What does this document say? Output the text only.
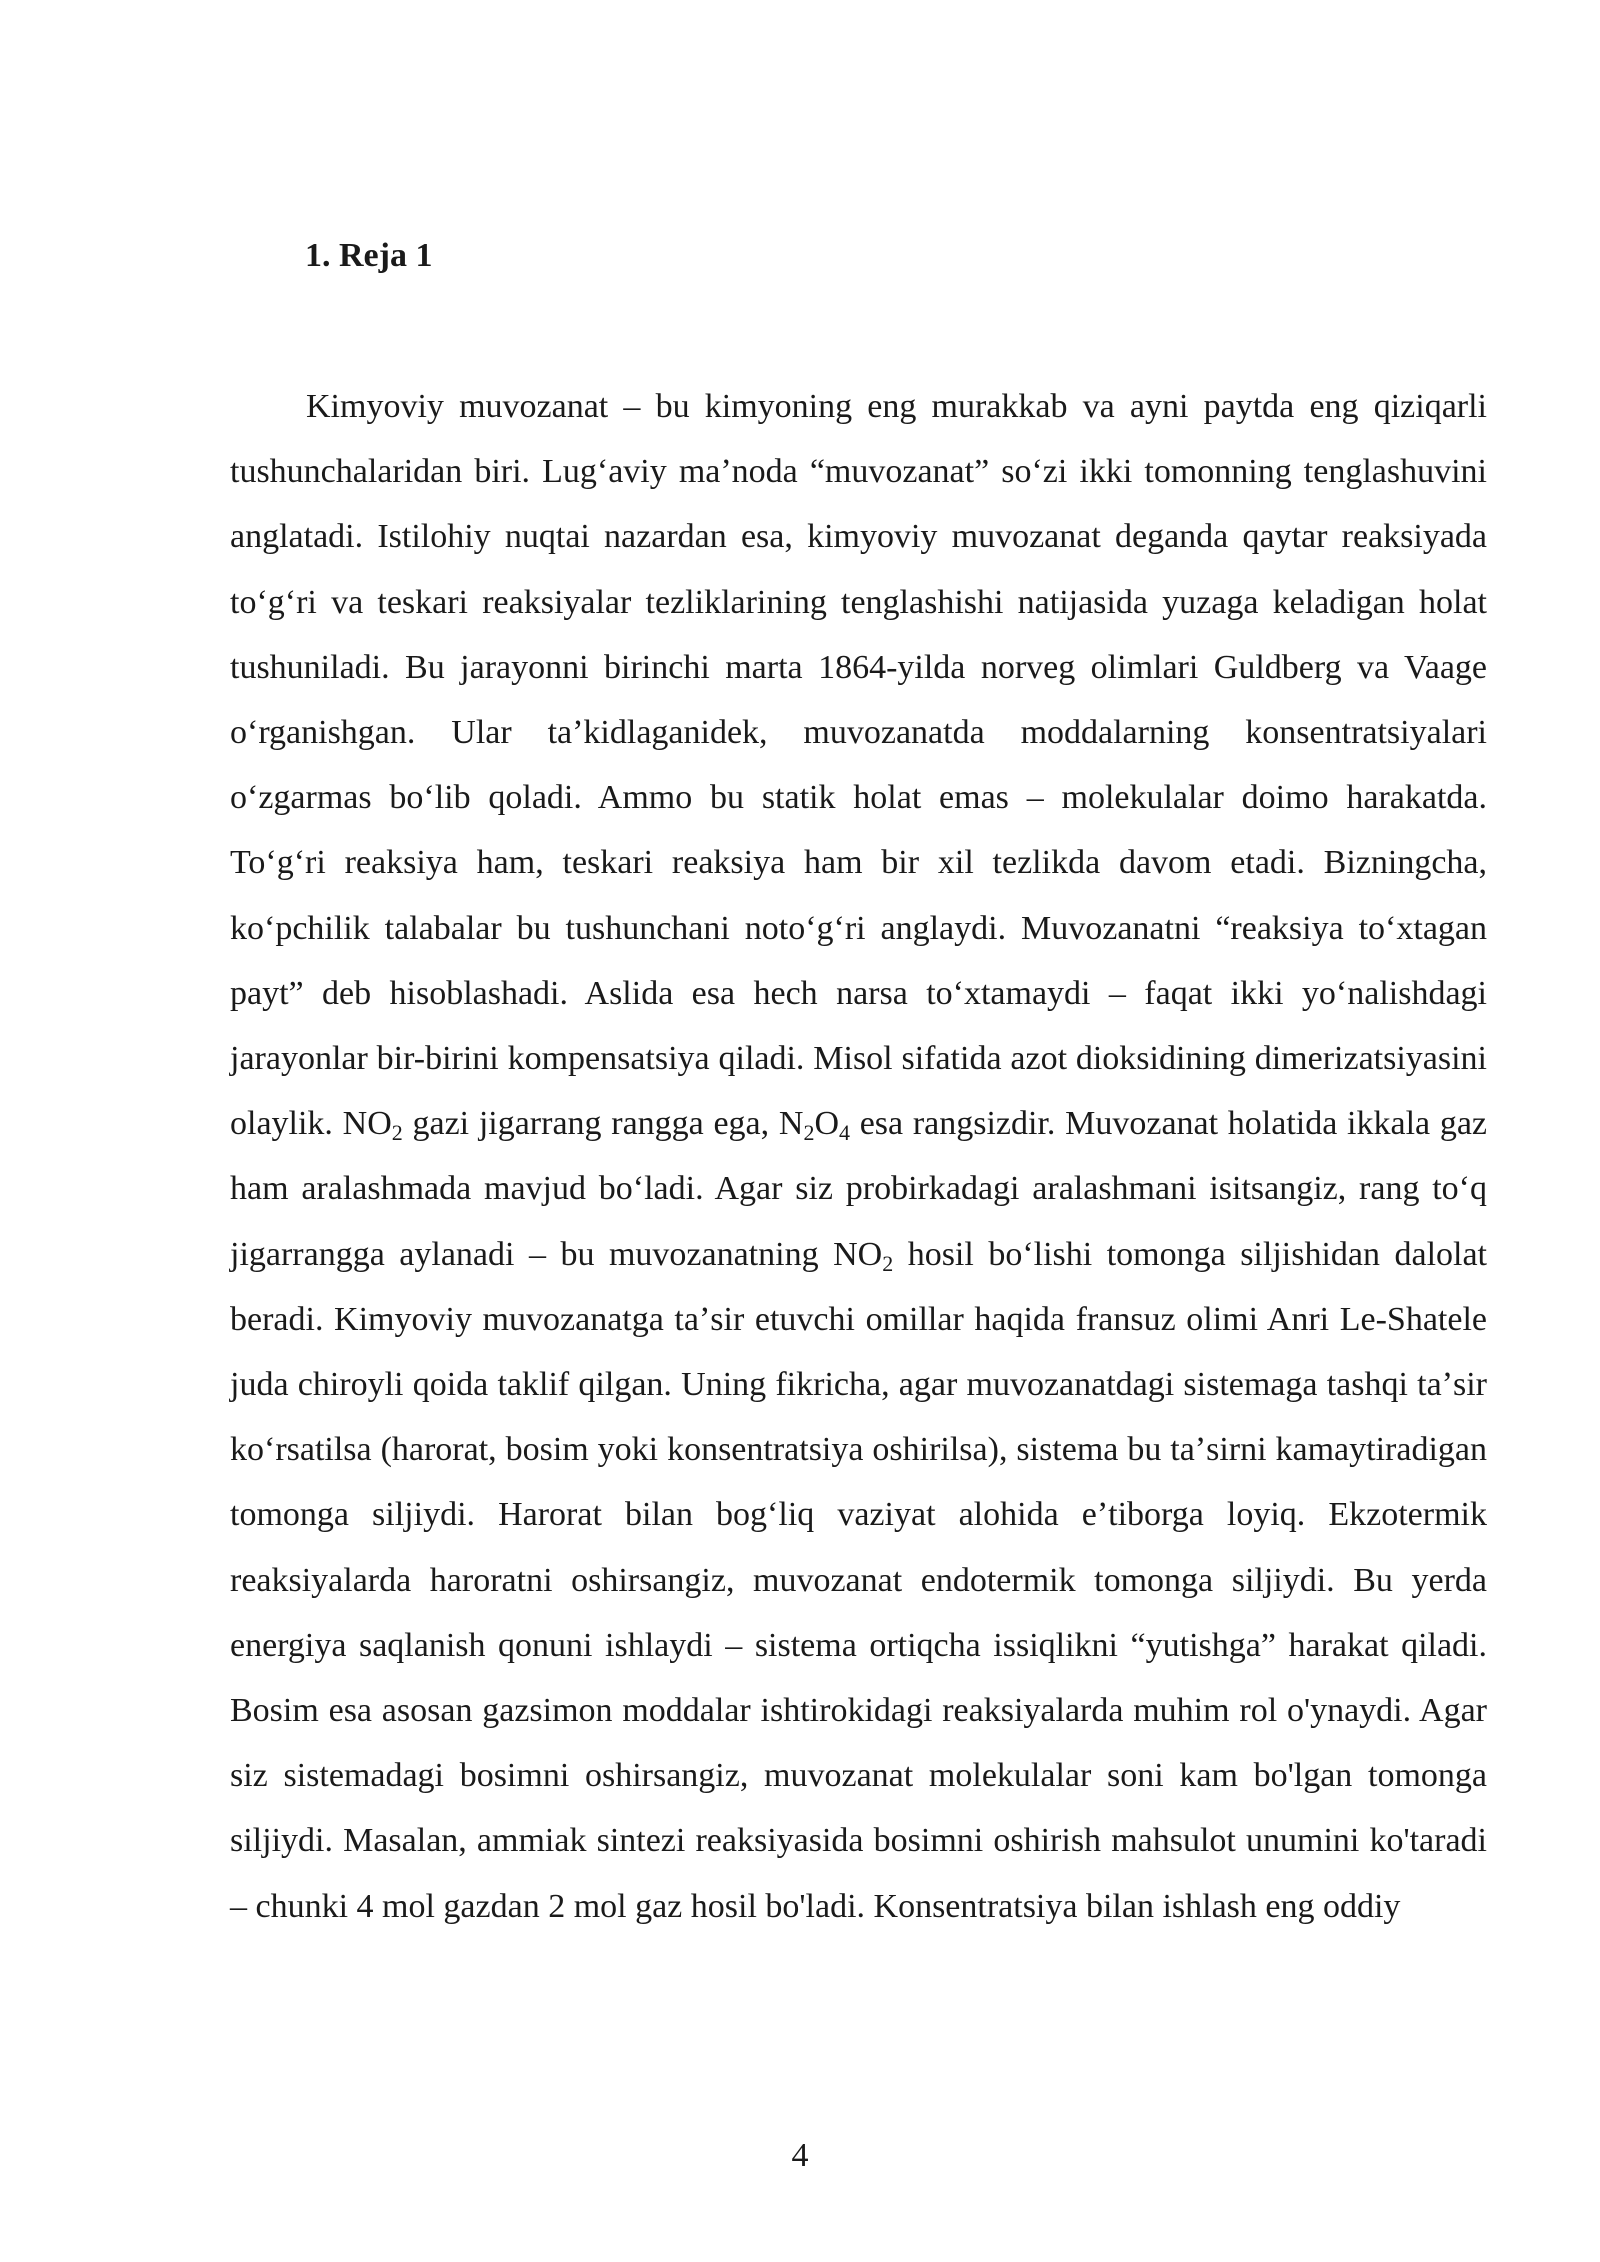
1. Reja 1

Kimyoviy muvozanat – bu kimyoning eng murakkab va ayni paytda eng qiziqarli tushunchalaridan biri. Lugʻaviy maʼnoda “muvozanat” soʻzi ikki tomonning tenglashuvini anglatadi. Istilohiy nuqtai nazardan esa, kimyoviy muvozanat deganda qaytar reaksiyada toʻgʻri va teskari reaksiyalar tezliklarining tenglashishi natijasida yuzaga keladigan holat tushuniladi. Bu jarayonni birinchi marta 1864-yilda norveg olimlari Guldberg va Vaage oʻrganishgan. Ular taʼkidlaganidek, muvozanatda moddalarning konsentratsiyalari oʻzgarmas boʻlib qoladi. Ammo bu statik holat emas – molekulalar doimo harakatda. Toʻgʻri reaksiya ham, teskari reaksiya ham bir xil tezlikda davom etadi. Bizningcha, koʻpchilik talabalar bu tushunchani notoʻgʻri anglaydi. Muvozanatni “reaksiya toʻxtagan payt” deb hisoblashadi. Aslida esa hech narsa toʻxtamaydi – faqat ikki yoʻnalishdagi jarayonlar bir-birini kompensatsiya qiladi. Misol sifatida azot dioksidining dimerizatsiyasini olaylik. $NO_2$ gazi jigarrang rangga ega, $N_2O_4$ esa rangsizdir. Muvozanat holatida ikkala gaz ham aralashmada mavjud boʻladi. Agar siz probirkadagi aralashmani isitsangiz, rang toʻq jigarrangga aylanadi – bu muvozanatning $NO_2$ hosil boʻlishi tomonga siljishidan dalolat beradi. Kimyoviy muvozanatga taʼsir etuvchi omillar haqida fransuz olimi Anri Le-Shatele juda chiroyli qoida taklif qilgan. Uning fikricha, agar muvozanatdagi sistemaga tashqi taʼsir koʻrsatilsa (harorat, bosim yoki konsentratsiya oshirilsa), sistema bu taʼsirni kamaytiradigan tomonga siljiydi. Harorat bilan bogʻliq vaziyat alohida eʼtiborga loyiq. Ekzotermik reaksiyalarda haroratni oshirsangiz, muvozanat endotermik tomonga siljiydi. Bu yerda energiya saqlanish qonuni ishlaydi – sistema ortiqcha issiqlikni “yutishga” harakat qiladi. Bosim esa asosan gazsimon moddalar ishtirokidagi reaksiyalarda muhim rol o'ynaydi. Agar siz sistemadagi bosimni oshirsangiz, muvozanat molekulalar soni kam bo'lgan tomonga siljiydi. Masalan, ammiak sintezi reaksiyasida bosimni oshirish mahsulot unumini ko'taradi – chunki 4 mol gazdan 2 mol gaz hosil bo'ladi. Konsentratsiya bilan ishlash eng oddiy

4
